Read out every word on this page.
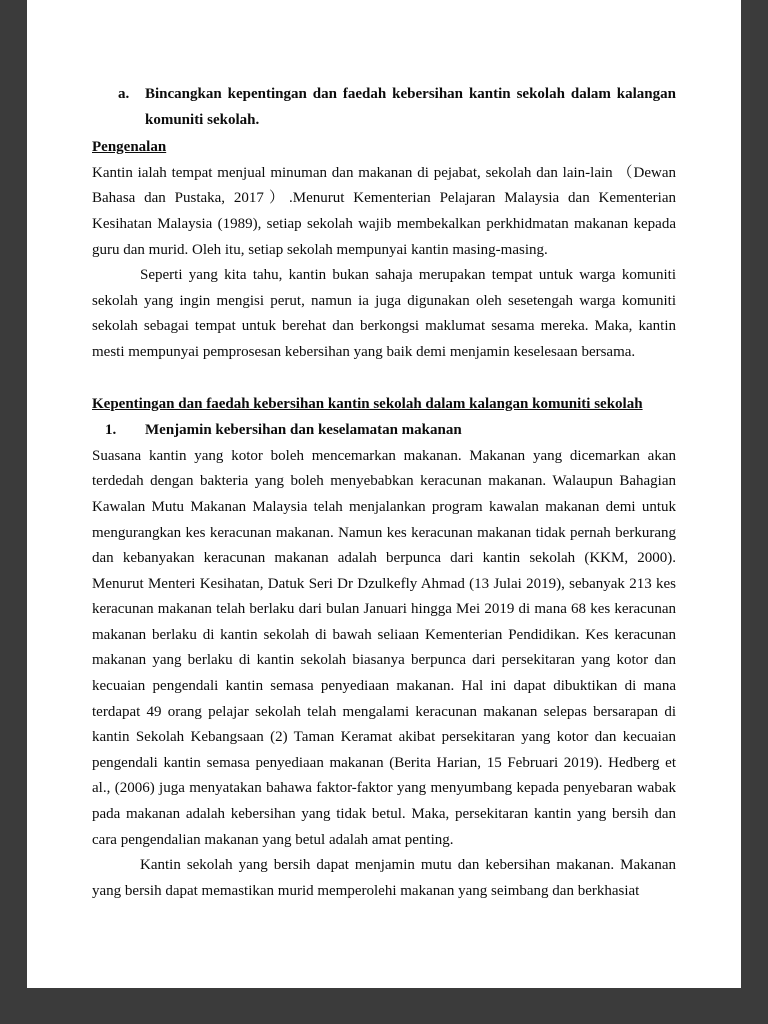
a. Bincangkan kepentingan dan faedah kebersihan kantin sekolah dalam kalangan komuniti sekolah.

Pengenalan

Kantin ialah tempat menjual minuman dan makanan di pejabat, sekolah dan lain-lain （Dewan Bahasa dan Pustaka, 2017）.Menurut Kementerian Pelajaran Malaysia dan Kementerian Kesihatan Malaysia (1989), setiap sekolah wajib membekalkan perkhidmatan makanan kepada guru dan murid. Oleh itu, setiap sekolah mempunyai kantin masing-masing.

Seperti yang kita tahu, kantin bukan sahaja merupakan tempat untuk warga komuniti sekolah yang ingin mengisi perut, namun ia juga digunakan oleh sesetengah warga komuniti sekolah sebagai tempat untuk berehat dan berkongsi maklumat sesama mereka. Maka, kantin mesti mempunyai pemprosesan kebersihan yang baik demi menjamin keselesaan bersama.

Kepentingan dan faedah kebersihan kantin sekolah dalam kalangan komuniti sekolah

1. Menjamin kebersihan dan keselamatan makanan

Suasana kantin yang kotor boleh mencemarkan makanan. Makanan yang dicemarkan akan terdedah dengan bakteria yang boleh menyebabkan keracunan makanan. Walaupun Bahagian Kawalan Mutu Makanan Malaysia telah menjalankan program kawalan makanan demi untuk mengurangkan kes keracunan makanan. Namun kes keracunan makanan tidak pernah berkurang dan kebanyakan keracunan makanan adalah berpunca dari kantin sekolah (KKM, 2000). Menurut Menteri Kesihatan, Datuk Seri Dr Dzulkefly Ahmad (13 Julai 2019), sebanyak 213 kes keracunan makanan telah berlaku dari bulan Januari hingga Mei 2019 di mana 68 kes keracunan makanan berlaku di kantin sekolah di bawah seliaan Kementerian Pendidikan. Kes keracunan makanan yang berlaku di kantin sekolah biasanya berpunca dari persekitaran yang kotor dan kecuaian pengendali kantin semasa penyediaan makanan. Hal ini dapat dibuktikan di mana terdapat 49 orang pelajar sekolah telah mengalami keracunan makanan selepas bersarapan di kantin Sekolah Kebangsaan (2) Taman Keramat akibat persekitaran yang kotor dan kecuaian pengendali kantin semasa penyediaan makanan (Berita Harian, 15 Februari 2019). Hedberg et al., (2006) juga menyatakan bahawa faktor-faktor yang menyumbang kepada penyebaran wabak pada makanan adalah kebersihan yang tidak betul. Maka, persekitaran kantin yang bersih dan cara pengendalian makanan yang betul adalah amat penting.

Kantin sekolah yang bersih dapat menjamin mutu dan kebersihan makanan. Makanan yang bersih dapat memastikan murid memperolehi makanan yang seimbang dan berkhasiat
